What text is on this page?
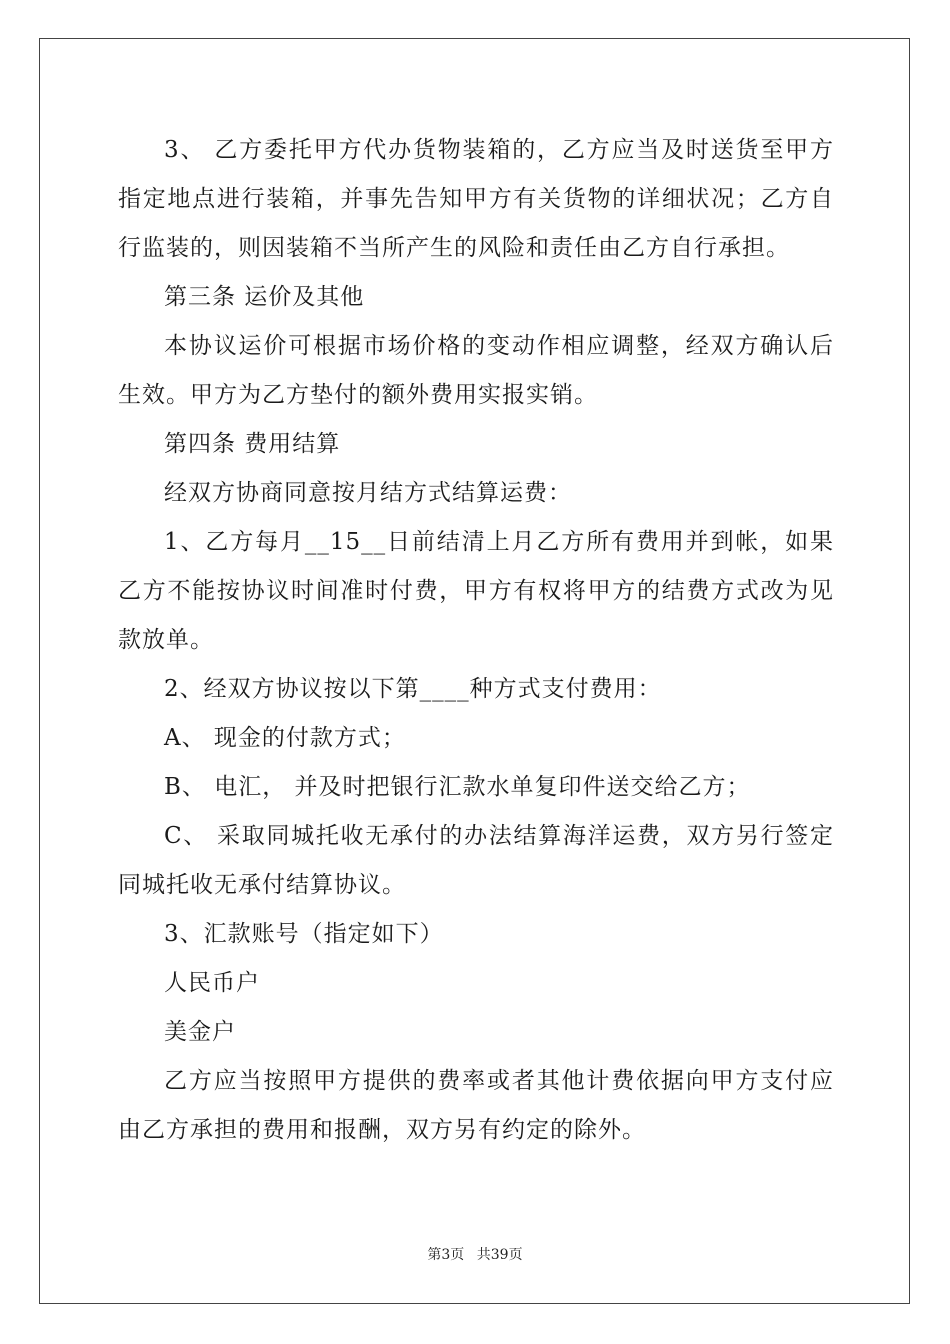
3、 乙方委托甲方代办货物装箱的，乙方应当及时送货至甲方指定地点进行装箱，并事先告知甲方有关货物的详细状况；乙方自行监装的，则因装箱不当所产生的风险和责任由乙方自行承担。

第三条 运价及其他

本协议运价可根据市场价格的变动作相应调整，经双方确认后生效。甲方为乙方垫付的额外费用实报实销。

第四条 费用结算

经双方协商同意按月结方式结算运费：

1、乙方每月__15__日前结清上月乙方所有费用并到帐，如果乙方不能按协议时间准时付费，甲方有权将甲方的结费方式改为见款放单。

2、经双方协议按以下第____种方式支付费用：

A、 现金的付款方式；

B、 电汇， 并及时把银行汇款水单复印件送交给乙方；

C、 采取同城托收无承付的办法结算海洋运费，双方另行签定同城托收无承付结算协议。

3、汇款账号（指定如下）

人民币户

美金户

乙方应当按照甲方提供的费率或者其他计费依据向甲方支付应由乙方承担的费用和报酬，双方另有约定的除外。

第3页 共39页
